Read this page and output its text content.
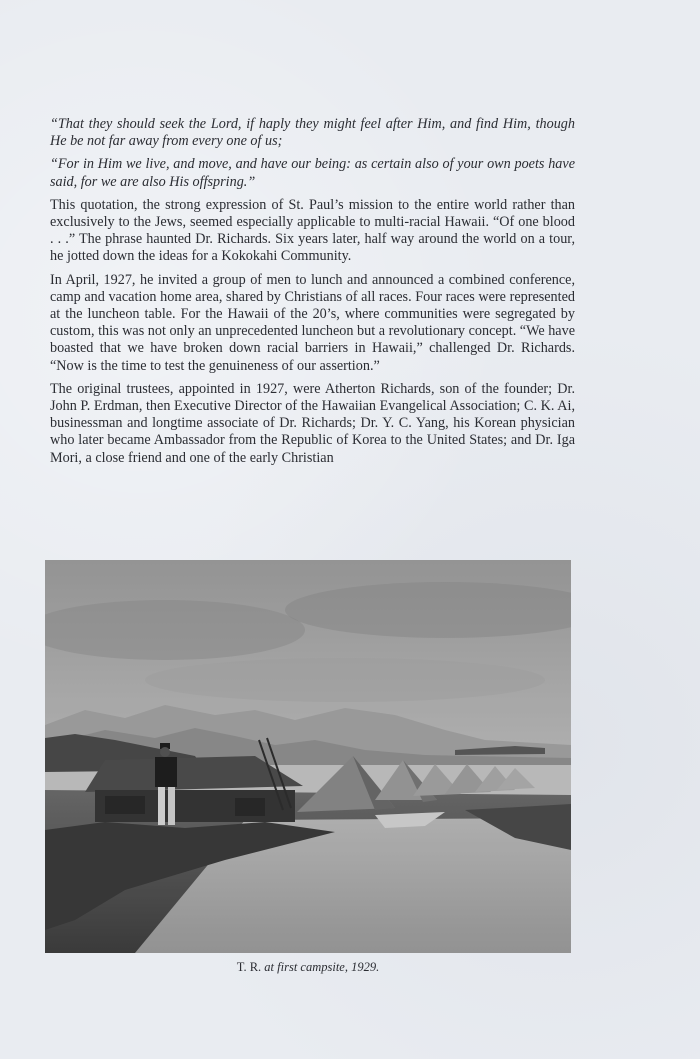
“That they should seek the Lord, if haply they might feel after Him, and find Him, though He be not far away from every one of us;

“For in Him we live, and move, and have our being: as certain also of your own poets have said, for we are also His offspring.”

This quotation, the strong expression of St. Paul’s mission to the entire world rather than exclusively to the Jews, seemed especially applicable to multi-racial Hawaii. “Of one blood . . .” The phrase haunted Dr. Richards. Six years later, half way around the world on a tour, he jotted down the ideas for a Kokokahi Community.

In April, 1927, he invited a group of men to lunch and announced a combined conference, camp and vacation home area, shared by Christians of all races. Four races were represented at the luncheon table. For the Hawaii of the 20’s, where communities were segregated by custom, this was not only an unprecedented luncheon but a revolutionary concept. “We have boasted that we have broken down racial barriers in Hawaii,” challenged Dr. Richards. “Now is the time to test the genuineness of our assertion.”

The original trustees, appointed in 1927, were Atherton Richards, son of the founder; Dr. John P. Erdman, then Executive Director of the Hawaiian Evangelical Association; C. K. Ai, businessman and longtime associate of Dr. Richards; Dr. Y. C. Yang, his Korean physician who later became Ambassador from the Republic of Korea to the United States; and Dr. Iga Mori, a close friend and one of the early Christian

T. R. at first campsite, 1929.
